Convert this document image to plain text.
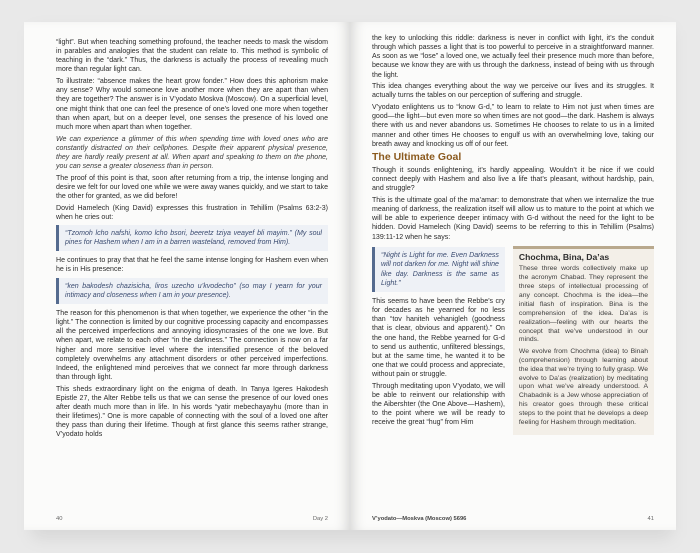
“light”. But when teaching something profound, the teacher needs to mask the wisdom in parables and analogies that the student can relate to. This method is symbolic of teaching in the “dark.” Thus, the darkness is actually the process of revealing much more than regular light can.

To illustrate: “absence makes the heart grow fonder.” How does this aphorism make any sense? Why would someone love another more when they are apart than when they are together? The answer is in V’yodato Moskva (Moscow). On a superficial level, one might think that one can feel the presence of one’s loved one more when together than when apart, but on a deeper level, one senses the presence of his loved one much more when apart than when together.

We can experience a glimmer of this when spending time with loved ones who are constantly distracted on their cellphones. Despite their apparent physical presence, they are hardly really present at all. When apart and speaking to them on the phone, you can sense a greater closeness than in person.

The proof of this point is that, soon after returning from a trip, the intense longing and desire we felt for our loved one while we were away wanes quickly, and we start to take the other for granted, as we did before!

Dovid Hamelech (King David) expresses this frustration in Tehillim (Psalms 63:2-3) when he cries out:

“Tzomoh lcho nafshi, komo lcho bsori, beeretz tziya veayef bli mayim.” (My soul pines for Hashem when I am in a barren wasteland, removed from Him).

He continues to pray that that he feel the same intense longing for Hashem even when he is in His presence:

“ken bakodesh chazisicha, liros uzecho u’kvodecho” (so may I yearn for your intimacy and closeness when I am in your presence).

The reason for this phenomenon is that when together, we experience the other “in the light.” The connection is limited by our cognitive processing capacity and encompasses all the perceived imperfections and annoying idiosyncrasies of the one we love. But when apart, we relate to each other “in the darkness.” The connection is now on a far higher and more sensitive level where the intensified presence of the beloved completely overwhelms any attachment disorders or other perceived imperfections. Indeed, the enlightened mind perceives that we connect far more through darkness than through light.

This sheds extraordinary light on the enigma of death. In Tanya Igeres Hakodesh Epistle 27, the Alter Rebbe tells us that we can sense the presence of our loved ones after death much more than in life. In his words “yatir mebechayayhu (more than in their lifetimes).” One is more capable of connecting with the soul of a loved one after they pass than during their lifetime. Though at first glance this seems rather strange, V’yodato holds

40	Day 2

the key to unlocking this riddle: darkness is never in conflict with light, it’s the conduit through which passes a light that is too powerful to perceive in a straightforward manner. As soon as we “lose” a loved one, we actually feel their presence much more than before, because we know they are with us through the darkness, instead of being with us through the light.

This idea changes everything about the way we perceive our lives and its struggles. It actually turns the tables on our perception of suffering and struggle.

V’yodato enlightens us to “know G-d,” to learn to relate to Him not just when times are good—the light—but even more so when times are not good—the dark. Hashem is always there with us and never abandons us. Sometimes He chooses to relate to us in a limited manner and other times He chooses to engulf us with an overwhelming love, taking our breath away and knocking us off of our feet.

The Ultimate Goal

Though it sounds enlightening, it’s hardly appealing. Wouldn’t it be nice if we could connect deeply with Hashem and also live a life that’s pleasant, without hardship, pain, and struggle?

This is the ultimate goal of the ma’amar: to demonstrate that when we internalize the true meaning of darkness, the realization itself will allow us to mature to the point at which we will be able to experience deeper intimacy with G-d without the need for the light to be hidden. Dovid Hamelech (King David) seems to be referring to this in Tehillim (Psalms) 139:11-12 when he says:

“Night is Light for me. Even Darkness will not darken for me. Night will shine like day. Darkness is the same as Light.”

This seems to have been the Rebbe’s cry for decades as he yearned for no less than “tov haniteh vehanigleh (goodness that is clear, obvious and apparent).” On the one hand, the Rebbe yearned for G-d to send us authentic, unfiltered blessings, but at the same time, he wanted it to be one that we could process and appreciate, without pain or struggle.

Through meditating upon V’yodato, we will be able to reinvent our relationship with the Aibershter (the One Above—Hashem), to the point where we will be ready to receive the great “hug” from Him

Chochma, Bina, Da’as

These three words collectively make up the acronym Chabad. They represent the three steps of intellectual processing of any concept. Chochma is the idea—the initial flash of inspiration. Bina is the comprehension of the idea. Da’as is realization—feeling with our hearts the concept that we’ve understood in our minds.

We evolve from Chochma (idea) to Binah (comprehension) through learning about the idea that we’re trying to fully grasp. We evolve to Da’as (realization) by meditating upon what we’ve already understood. A Chabadnik is a Jew whose appreciation of his creator goes through these critical steps to the point that he develops a deep feeling for Hashem through meditation.

V’yodato—Moskva (Moscow) 5696	41
